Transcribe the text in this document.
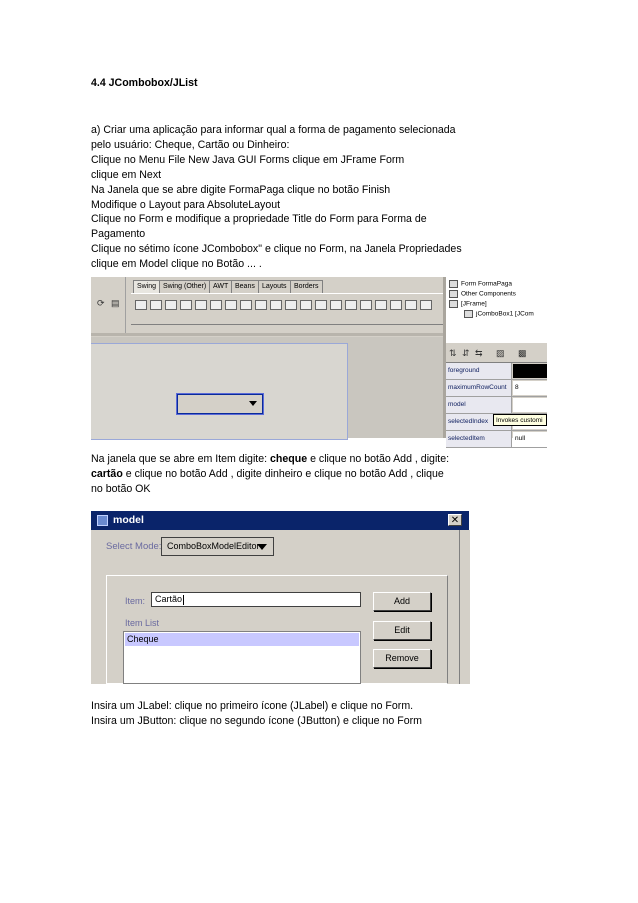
4.4 JCombobox/JList
a) Criar uma aplicação para informar qual a forma de pagamento selecionada
pelo usuário: Cheque, Cartão ou Dinheiro:
Clique no Menu File New Java GUI Forms clique em JFrame Form
clique em Next
Na Janela que se abre digite FormaPaga clique no botão Finish
Modifique o Layout para AbsoluteLayout
Clique no Form e modifique a propriedade Title do Form para Forma de
Pagamento
Clique no sétimo ícone JCombobox" e clique no Form, na Janela Propriedades
clique em Model clique no Botão ... .
⟳ ▤
Swing Swing (Other) AWT Beans	Layouts	Borders	Form FormaPaga
Other Components
[JFrame]
jComboBox1 [JCom
⇅ ⇵ ⇆ ▨ ▩
foreground
maximumRowCount	8
model
selectedIndex
selectedItem	null
Invokes customi
Na janela que se abre em Item digite: cheque e clique no botão Add , digite:
cartão e clique no botão Add , digite dinheiro e clique no botão Add , clique
no botão OK
model	✕
Select Mode: ComboBoxModelEditor
Item:	Cartão
Item List
Cheque
Add
Edit
Remove
Insira um JLabel: clique no primeiro ícone (JLabel) e clique no Form.
Insira um JButton: clique no segundo ícone (JButton) e clique no Form
